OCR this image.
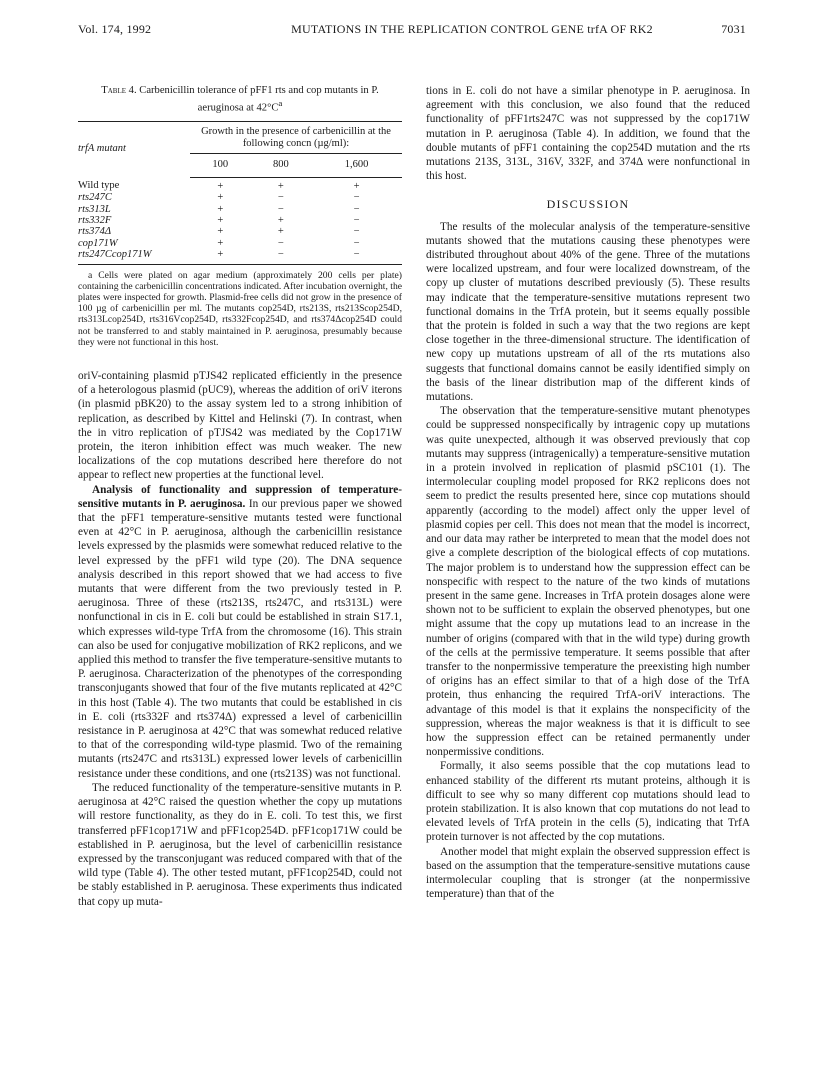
Vol. 174, 1992	MUTATIONS IN THE REPLICATION CONTROL GENE trfA OF RK2	7031
Table 4. Carbenicillin tolerance of pFF1 rts and cop mutants in P. aeruginosa at $42^\circ C^a$
trfA mutant	Growth in the presence of carbenicillin at the following concn (µg/ml):		
	100	800	1,600
Wild type	+	+	+
rts247C	+	−	−
rts313L	+	−	−
rts332F	+	+	−
rts374Δ	+	+	−
cop171W	+	−	−
rts247Ccop171W	+	−	−
a Cells were plated on agar medium (approximately 200 cells per plate) containing the carbenicillin concentrations indicated. After incubation overnight, the plates were inspected for growth. Plasmid-free cells did not grow in the presence of 100 µg of carbenicillin per ml. The mutants cop254D, rts213S, rts213Scop254D, rts313Lcop254D, rts316Vcop254D, rts332Fcop254D, and rts374Δcop254D could not be transferred to and stably maintained in P. aeruginosa, presumably because they were not functional in this host.

oriV-containing plasmid pTJS42 replicated efficiently in the presence of a heterologous plasmid (pUC9), whereas the addition of oriV iterons (in plasmid pBK20) to the assay system led to a strong inhibition of replication, as described by Kittel and Helinski (7). In contrast, when the in vitro replication of pTJS42 was mediated by the Cop171W protein, the iteron inhibition effect was much weaker. The new localizations of the cop mutations described here therefore do not appear to reflect new properties at the functional level.

Analysis of functionality and suppression of temperature-sensitive mutants in P. aeruginosa. In our previous paper we showed that the pFF1 temperature-sensitive mutants tested were functional even at 42°C in P. aeruginosa, although the carbenicillin resistance levels expressed by the plasmids were somewhat reduced relative to the level expressed by the pFF1 wild type (20). The DNA sequence analysis described in this report showed that we had access to five mutants that were different from the two previously tested in P. aeruginosa. Three of these (rts213S, rts247C, and rts313L) were nonfunctional in cis in E. coli but could be established in strain S17.1, which expresses wild-type TrfA from the chromosome (16). This strain can also be used for conjugative mobilization of RK2 replicons, and we applied this method to transfer the five temperature-sensitive mutants to P. aeruginosa. Characterization of the phenotypes of the corresponding transconjugants showed that four of the five mutants replicated at 42°C in this host (Table 4). The two mutants that could be established in cis in E. coli (rts332F and rts374Δ) expressed a level of carbenicillin resistance in P. aeruginosa at 42°C that was somewhat reduced relative to that of the corresponding wild-type plasmid. Two of the remaining mutants (rts247C and rts313L) expressed lower levels of carbenicillin resistance under these conditions, and one (rts213S) was not functional.

The reduced functionality of the temperature-sensitive mutants in P. aeruginosa at 42°C raised the question whether the copy up mutations will restore functionality, as they do in E. coli. To test this, we first transferred pFF1cop171W and pFF1cop254D. pFF1cop171W could be established in P. aeruginosa, but the level of carbenicillin resistance expressed by the transconjugant was reduced compared with that of the wild type (Table 4). The other tested mutant, pFF1cop254D, could not be stably established in P. aeruginosa. These experiments thus indicated that copy up muta-

tions in E. coli do not have a similar phenotype in P. aeruginosa. In agreement with this conclusion, we also found that the reduced functionality of pFF1rts247C was not suppressed by the cop171W mutation in P. aeruginosa (Table 4). In addition, we found that the double mutants of pFF1 containing the cop254D mutation and the rts mutations 213S, 313L, 316V, 332F, and 374Δ were nonfunctional in this host.

DISCUSSION

The results of the molecular analysis of the temperature-sensitive mutants showed that the mutations causing these phenotypes were distributed throughout about 40% of the gene. Three of the mutations were localized upstream, and four were localized downstream, of the copy up cluster of mutations described previously (5). These results may indicate that the temperature-sensitive mutations represent two functional domains in the TrfA protein, but it seems equally possible that the protein is folded in such a way that the two regions are kept close together in the three-dimensional structure. The identification of new copy up mutations upstream of all of the rts mutations also suggests that functional domains cannot be easily identified simply on the basis of the linear distribution map of the different kinds of mutations.

The observation that the temperature-sensitive mutant phenotypes could be suppressed nonspecifically by intragenic copy up mutations was quite unexpected, although it was observed previously that cop mutants may suppress (intragenically) a temperature-sensitive mutation in a protein involved in replication of plasmid pSC101 (1). The intermolecular coupling model proposed for RK2 replicons does not seem to predict the results presented here, since cop mutations should apparently (according to the model) affect only the upper level of plasmid copies per cell. This does not mean that the model is incorrect, and our data may rather be interpreted to mean that the model does not give a complete description of the biological effects of cop mutations. The major problem is to understand how the suppression effect can be nonspecific with respect to the nature of the two kinds of mutations present in the same gene. Increases in TrfA protein dosages alone were shown not to be sufficient to explain the observed phenotypes, but one might assume that the copy up mutations lead to an increase in the number of origins (compared with that in the wild type) during growth of the cells at the permissive temperature. It seems possible that after transfer to the nonpermissive temperature the preexisting high number of origins has an effect similar to that of a high dose of the TrfA protein, thus enhancing the required TrfA-oriV interactions. The advantage of this model is that it explains the nonspecificity of the suppression, whereas the major weakness is that it is difficult to see how the suppression effect can be retained permanently under nonpermissive conditions.

Formally, it also seems possible that the cop mutations lead to enhanced stability of the different rts mutant proteins, although it is difficult to see why so many different cop mutations should lead to protein stabilization. It is also known that cop mutations do not lead to elevated levels of TrfA protein in the cells (5), indicating that TrfA protein turnover is not affected by the cop mutations.

Another model that might explain the observed suppression effect is based on the assumption that the temperature-sensitive mutations cause intermolecular coupling that is stronger (at the nonpermissive temperature) than that of the
